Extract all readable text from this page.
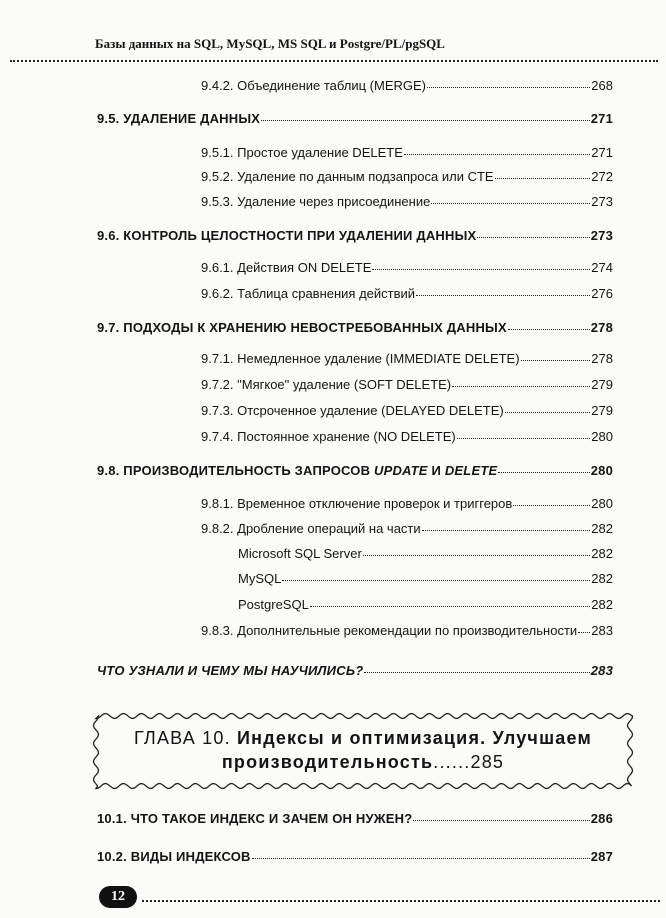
Базы данных на SQL, MySQL, MS SQL и Postgre/PL/pgSQL
9.4.2. Объединение таблиц (MERGE)	268
9.5. УДАЛЕНИЕ ДАННЫХ	271
9.5.1. Простое удаление DELETE	271
9.5.2. Удаление по данным подзапроса или CTE	272
9.5.3. Удаление через присоединение	273
9.6. КОНТРОЛЬ ЦЕЛОСТНОСТИ ПРИ УДАЛЕНИИ ДАННЫХ	273
9.6.1. Действия ON DELETE	274
9.6.2. Таблица сравнения действий	276
9.7. ПОДХОДЫ К ХРАНЕНИЮ НЕВОСТРЕБОВАННЫХ ДАННЫХ	278
9.7.1. Немедленное удаление (IMMEDIATE DELETE)	278
9.7.2. "Мягкое" удаление (SOFT DELETE)	279
9.7.3. Отсроченное удаление (DELAYED DELETE)	279
9.7.4. Постоянное хранение (NO DELETE)	280
9.8. ПРОИЗВОДИТЕЛЬНОСТЬ ЗАПРОСОВ UPDATE И DELETE	280
9.8.1. Временное отключение проверок и триггеров	280
9.8.2. Дробление операций на части	282
Microsoft SQL Server	282
MySQL	282
PostgreSQL	282
9.8.3. Дополнительные рекомендации по производительности 283
ЧТО УЗНАЛИ И ЧЕМУ МЫ НАУЧИЛИСЬ?	283
ГЛАВА 10. Индексы и оптимизация. Улучшаем
производительность......285
10.1. ЧТО ТАКОЕ ИНДЕКС И ЗАЧЕМ ОН НУЖЕН?	286
10.2. ВИДЫ ИНДЕКСОВ	287
12
